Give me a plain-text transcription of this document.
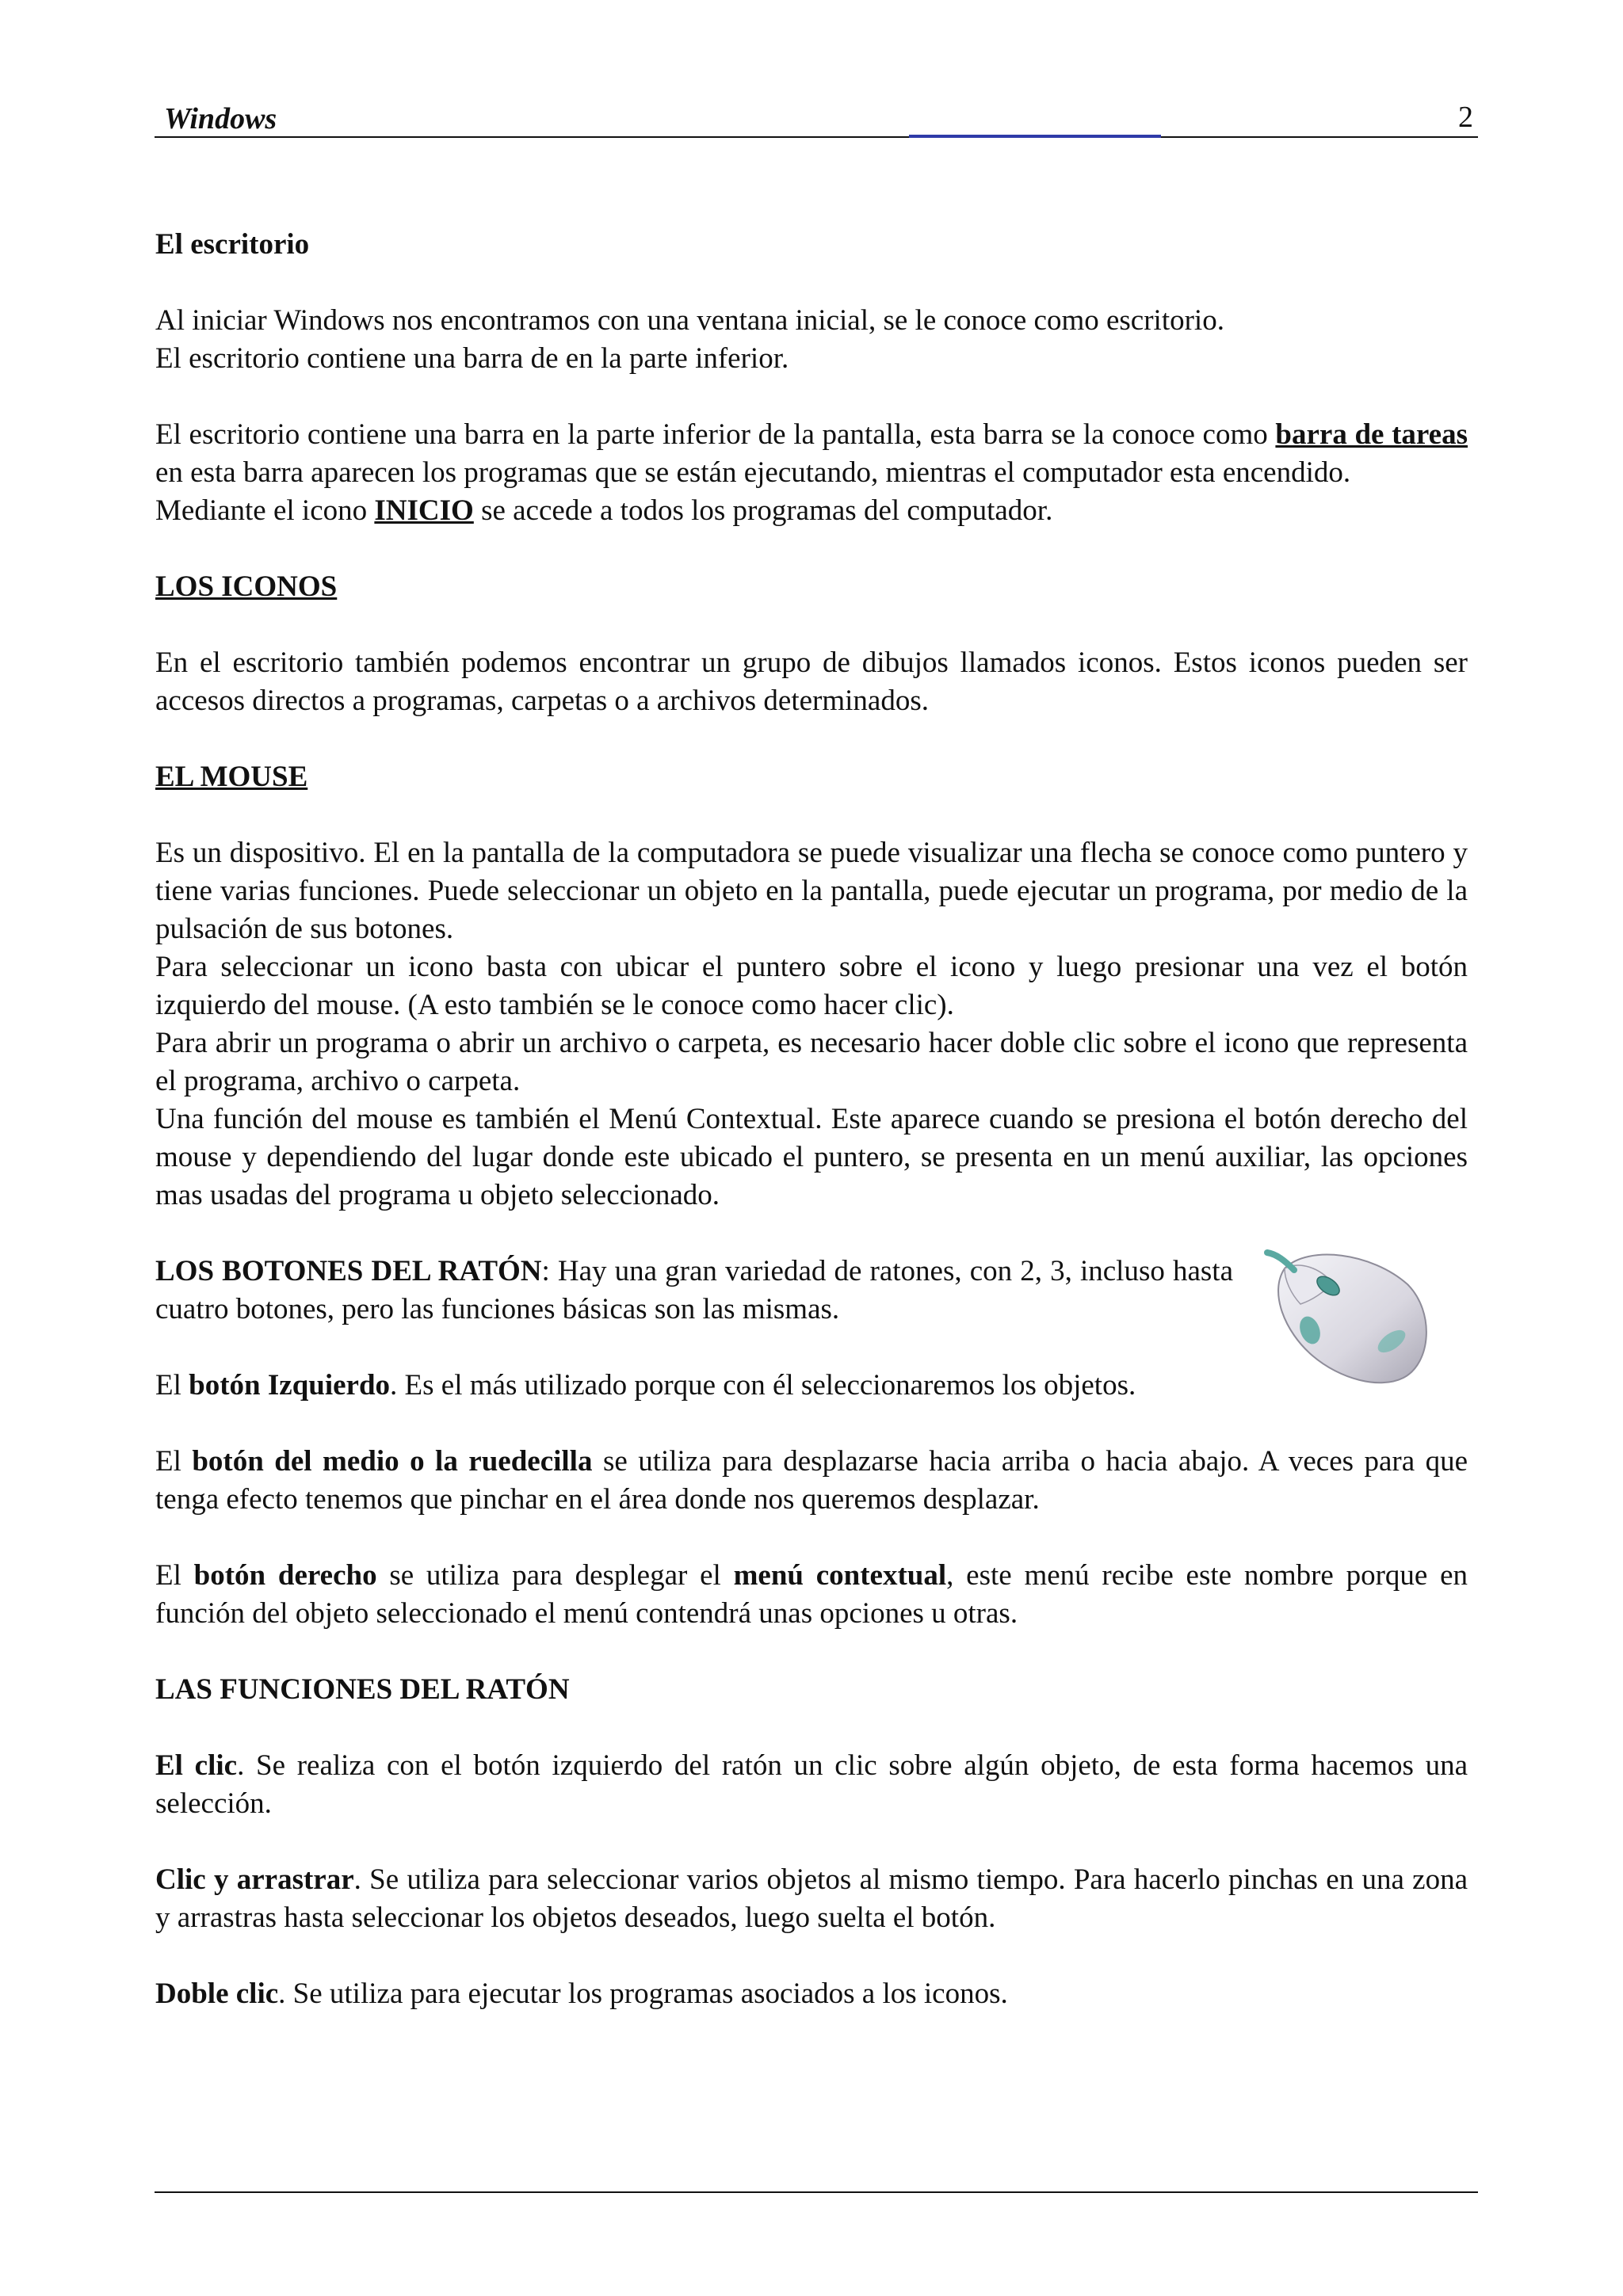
Windows	2

El escritorio

Al iniciar Windows nos encontramos con una ventana inicial, se le conoce como escritorio.
El escritorio contiene una barra de en la parte inferior.

El escritorio contiene una barra en la parte inferior de la pantalla, esta barra se la conoce como barra de tareas en esta barra aparecen los programas que se están ejecutando, mientras el computador esta encendido.

Mediante el icono INICIO se accede a todos los programas del computador.

LOS ICONOS

En el escritorio también podemos encontrar un grupo de dibujos llamados iconos. Estos iconos pueden ser accesos directos a programas, carpetas o a archivos determinados.

EL MOUSE

Es un dispositivo. El en la pantalla de la computadora se puede visualizar una flecha se conoce como puntero y tiene varias funciones. Puede seleccionar un objeto en la pantalla, puede ejecutar un programa, por medio de la pulsación de sus botones.

Para seleccionar un icono basta con ubicar el puntero sobre el icono y luego presionar una vez el botón izquierdo del mouse. (A esto también se le conoce como hacer clic).

Para abrir un programa o abrir un archivo o carpeta, es necesario hacer doble clic sobre el icono que representa el programa, archivo o carpeta.

Una función del mouse es también el Menú Contextual. Este aparece cuando se presiona el botón derecho del mouse y dependiendo del lugar donde este ubicado el puntero, se presenta en un menú auxiliar, las opciones mas usadas del programa u objeto seleccionado.

LOS BOTONES DEL RATÓN: Hay una gran variedad de ratones, con 2, 3, incluso hasta cuatro botones, pero las funciones básicas son las mismas.

El botón Izquierdo. Es el más utilizado porque con él seleccionaremos los objetos.

El botón del medio o la ruedecilla se utiliza para desplazarse hacia arriba o hacia abajo. A veces para que tenga efecto tenemos que pinchar en el área donde nos queremos desplazar.

El botón derecho se utiliza para desplegar el menú contextual, este menú recibe este nombre porque en función del objeto seleccionado el menú contendrá unas opciones u otras.

LAS FUNCIONES DEL RATÓN

El clic. Se realiza con el botón izquierdo del ratón un clic sobre algún objeto, de esta forma hacemos una selección.

Clic y arrastrar. Se utiliza para seleccionar varios objetos al mismo tiempo. Para hacerlo pinchas en una zona y arrastras hasta seleccionar los objetos deseados, luego suelta el botón.

Doble clic. Se utiliza para ejecutar los programas asociados a los iconos.
